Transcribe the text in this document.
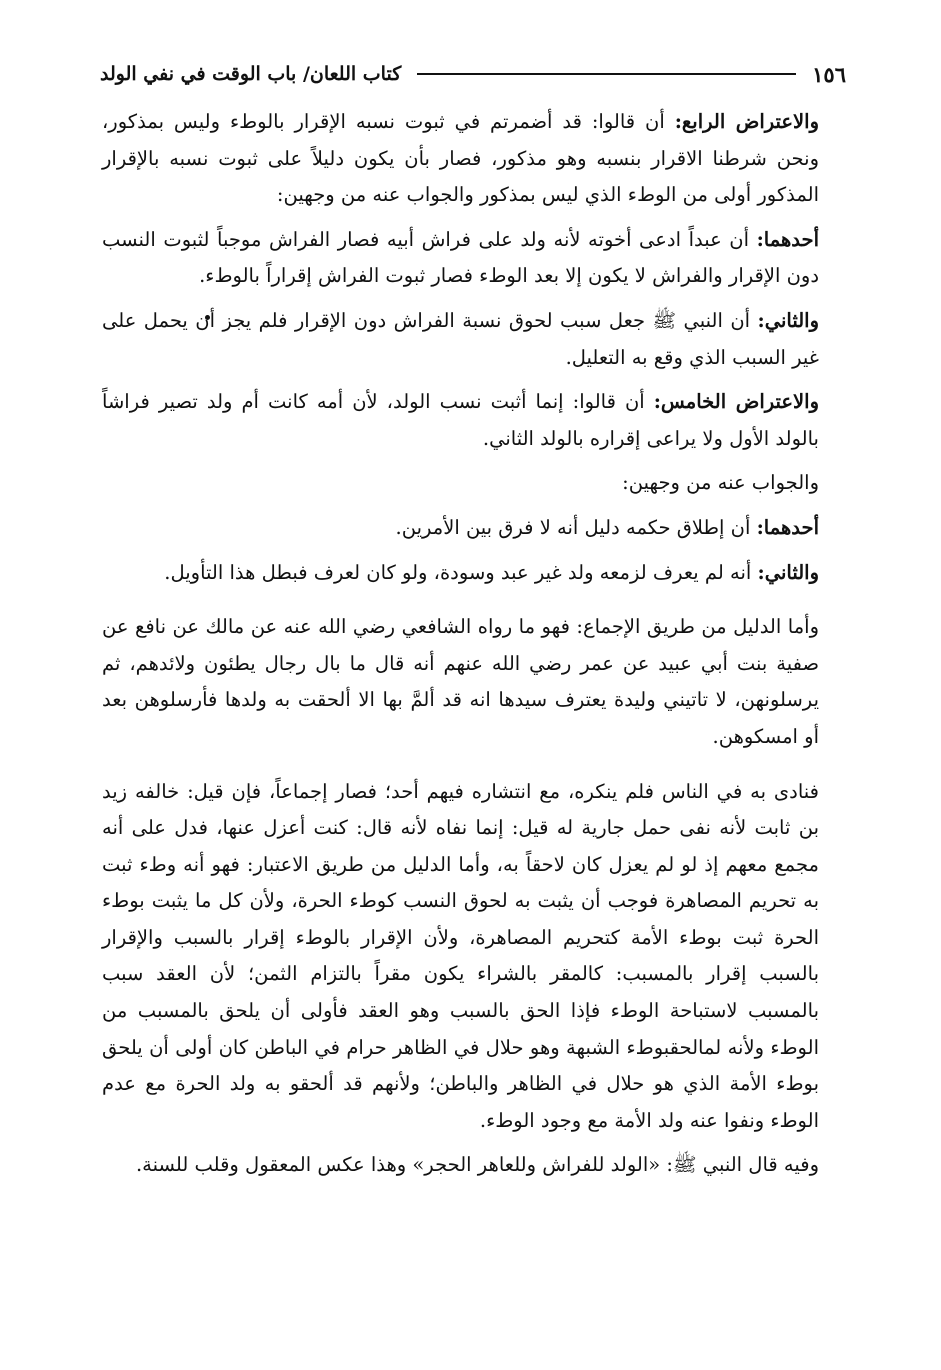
١٥٦
كتاب اللعان/ باب الوقت في نفي الولد

والاعتراض الرابع: أن قالوا: قد أضمرتم في ثبوت نسبه الإقرار بالوطء وليس بمذكور، ونحن شرطنا الاقرار بنسبه وهو مذكور، فصار بأن يكون دليلاً على ثبوت نسبه بالإقرار المذكور أولى من الوطء الذي ليس بمذكور والجواب عنه من وجهين:

أحدهما: أن عبداً ادعى أخوته لأنه ولد على فراش أبيه فصار الفراش موجباً لثبوت النسب دون الإقرار والفراش لا يكون إلا بعد الوطء فصار ثبوت الفراش إقراراً بالوطء.

والثاني: أن النبي ﷺ جعل سبب لحوق نسبة الفراش دون الإقرار فلم يجز أن يحمل على غير السبب الذي وقع به التعليل.

والاعتراض الخامس: أن قالوا: إنما أثبت نسب الولد، لأن أمه كانت أم ولد تصير فراشاً بالولد الأول ولا يراعى إقراره بالولد الثاني.

والجواب عنه من وجهين:

أحدهما: أن إطلاق حكمه دليل أنه لا فرق بين الأمرين.

والثاني: أنه لم يعرف لزمعه ولد غير عبد وسودة، ولو كان لعرف فبطل هذا التأويل.

وأما الدليل من طريق الإجماع: فهو ما رواه الشافعي رضي الله عنه عن مالك عن نافع عن صفية بنت أبي عبيد عن عمر رضي الله عنهم أنه قال ما بال رجال يطئون ولائدهم، ثم يرسلونهن، لا تاتيني وليدة يعترف سيدها انه قد ألمَّ بها الا ألحقت به ولدها فأرسلوهن بعد أو امسكوهن.

فنادى به في الناس فلم ينكره، مع انتشاره فيهم أحد؛ فصار إجماعاً، فإن قيل: خالفه زيد بن ثابت لأنه نفى حمل جارية له قيل: إنما نفاه لأنه قال: كنت أعزل عنها، فدل على أنه مجمع معهم إذ لو لم يعزل كان لاحقاً به، وأما الدليل من طريق الاعتبار: فهو أنه وطء ثبت به تحريم المصاهرة فوجب أن يثبت به لحوق النسب كوطء الحرة، ولأن كل ما يثبت بوطء الحرة ثبت بوطء الأمة كتحريم المصاهرة، ولأن الإقرار بالوطء إقرار بالسبب والإقرار بالسبب إقرار بالمسبب: كالمقر بالشراء يكون مقراً بالتزام الثمن؛ لأن العقد سبب بالمسبب لاستباحة الوطء فإذا الحق بالسبب وهو العقد فأولى أن يلحق بالمسبب من الوطء ولأنه لمالحقبوطء الشبهة وهو حلال في الظاهر حرام في الباطن كان أولى أن يلحق بوطء الأمة الذي هو حلال في الظاهر والباطن؛ ولأنهم قد ألحقو به ولد الحرة مع عدم الوطء ونفوا عنه ولد الأمة مع وجود الوطء.

وفيه قال النبي ﷺ: «الولد للفراش وللعاهر الحجر» وهذا عكس المعقول وقلب للسنة.
